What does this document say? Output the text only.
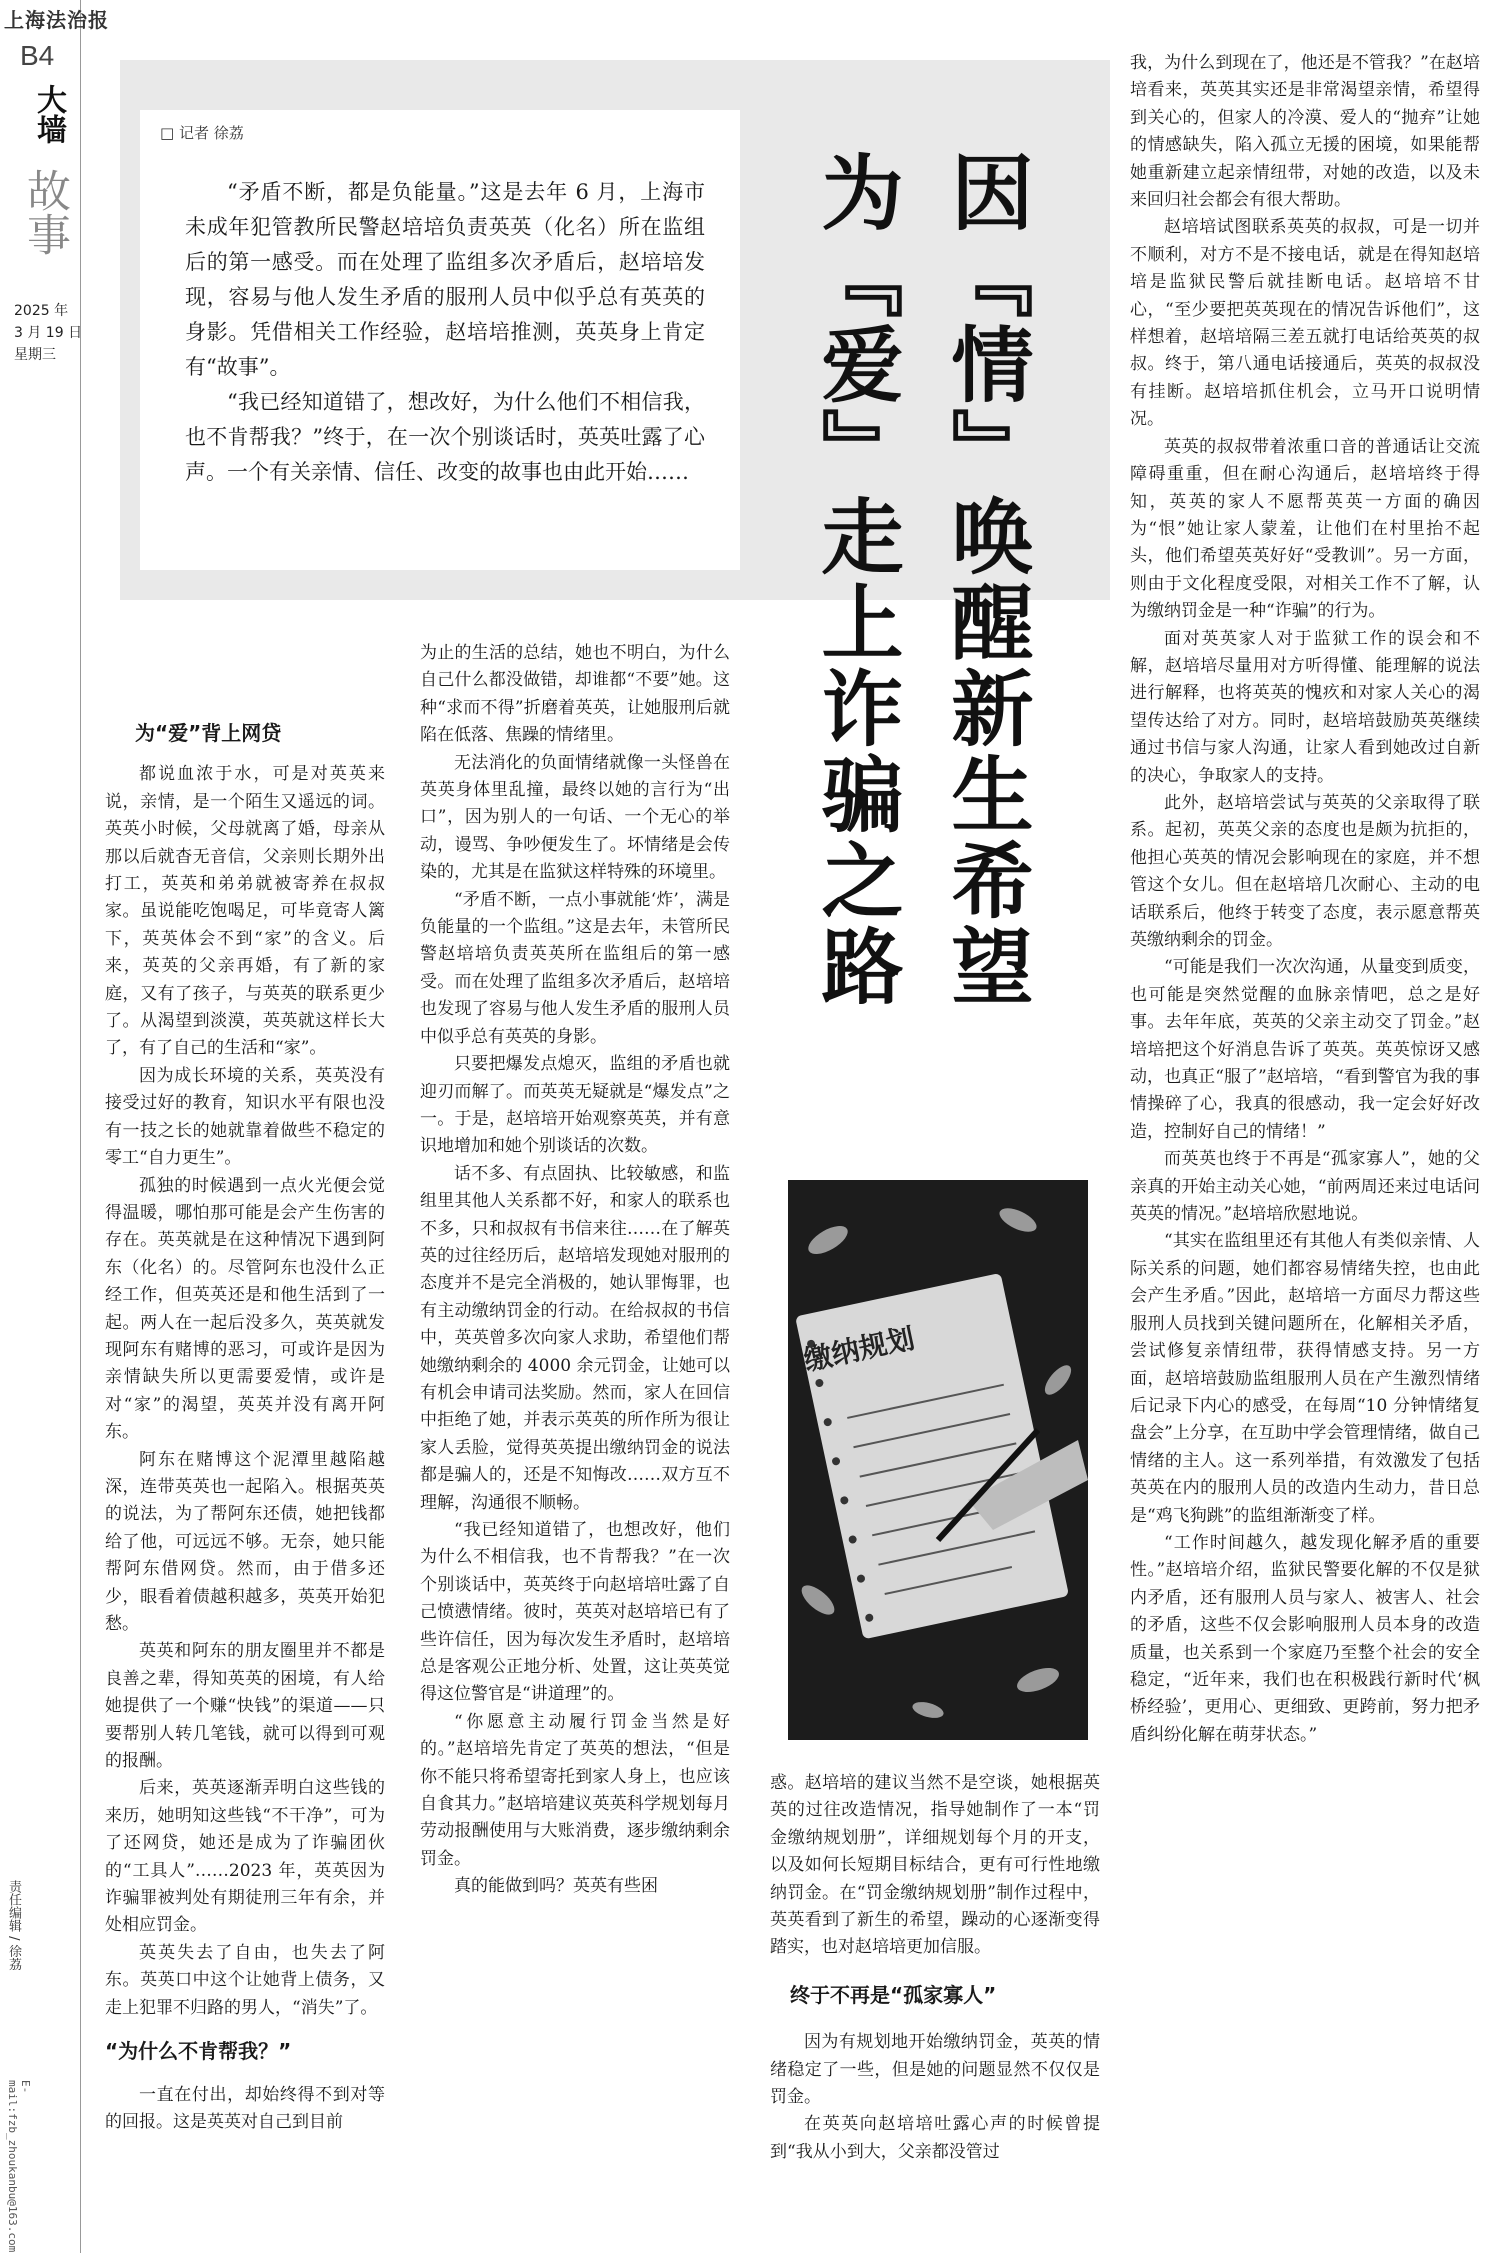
上海法治报
B4
大墙
故事
2025 年
3 月 19 日
星期三
责任编辑 / 徐荔
E-mail:fzb_zhoukanbu@163.com
□ 记者 徐荔

“矛盾不断，都是负能量。”这是去年 6 月，上海市未成年犯管教所民警赵培培负责英英（化名）所在监组后的第一感受。而在处理了监组多次矛盾后，赵培培发现，容易与他人发生矛盾的服刑人员中似乎总有英英的身影。凭借相关工作经验，赵培培推测，英英身上肯定有“故事”。

“我已经知道错了，想改好，为什么他们不相信我，也不肯帮我？”终于，在一次个别谈话时，英英吐露了心声。一个有关亲情、信任、改变的故事也由此开始……	因『情』唤醒新生希望
为『爱』走上诈骗之路

为“爱”背上网贷

都说血浓于水，可是对英英来说，亲情，是一个陌生又遥远的词。英英小时候，父母就离了婚，母亲从那以后就杳无音信，父亲则长期外出打工，英英和弟弟就被寄养在叔叔家。虽说能吃饱喝足，可毕竟寄人篱下，英英体会不到“家”的含义。后来，英英的父亲再婚，有了新的家庭，又有了孩子，与英英的联系更少了。从渴望到淡漠，英英就这样长大了，有了自己的生活和“家”。

因为成长环境的关系，英英没有接受过好的教育，知识水平有限也没有一技之长的她就靠着做些不稳定的零工“自力更生”。

孤独的时候遇到一点火光便会觉得温暖，哪怕那可能是会产生伤害的存在。英英就是在这种情况下遇到阿东（化名）的。尽管阿东也没什么正经工作，但英英还是和他生活到了一起。两人在一起后没多久，英英就发现阿东有赌博的恶习，可或许是因为亲情缺失所以更需要爱情，或许是对“家”的渴望，英英并没有离开阿东。

阿东在赌博这个泥潭里越陷越深，连带英英也一起陷入。根据英英的说法，为了帮阿东还债，她把钱都给了他，可远远不够。无奈，她只能帮阿东借网贷。然而，由于借多还少，眼看着债越积越多，英英开始犯愁。

英英和阿东的朋友圈里并不都是良善之辈，得知英英的困境，有人给她提供了一个赚“快钱”的渠道——只要帮别人转几笔钱，就可以得到可观的报酬。

后来，英英逐渐弄明白这些钱的来历，她明知这些钱“不干净”，可为了还网贷，她还是成为了诈骗团伙的“工具人”……2023 年，英英因为诈骗罪被判处有期徒刑三年有余，并处相应罚金。

英英失去了自由，也失去了阿东。英英口中这个让她背上债务，又走上犯罪不归路的男人，“消失”了。

“为什么不肯帮我？”

一直在付出，却始终得不到对等的回报。这是英英对自己到目前

为止的生活的总结，她也不明白，为什么自己什么都没做错，却谁都“不要”她。这种“求而不得”折磨着英英，让她服刑后就陷在低落、焦躁的情绪里。

无法消化的负面情绪就像一头怪兽在英英身体里乱撞，最终以她的言行为“出口”，因为别人的一句话、一个无心的举动，谩骂、争吵便发生了。坏情绪是会传染的，尤其是在监狱这样特殊的环境里。

“矛盾不断，一点小事就能‘炸’，满是负能量的一个监组。”这是去年，未管所民警赵培培负责英英所在监组后的第一感受。而在处理了监组多次矛盾后，赵培培也发现了容易与他人发生矛盾的服刑人员中似乎总有英英的身影。

只要把爆发点熄灭，监组的矛盾也就迎刃而解了。而英英无疑就是“爆发点”之一。于是，赵培培开始观察英英，并有意识地增加和她个别谈话的次数。

话不多、有点固执、比较敏感，和监组里其他人关系都不好，和家人的联系也不多，只和叔叔有书信来往……在了解英英的过往经历后，赵培培发现她对服刑的态度并不是完全消极的，她认罪悔罪，也有主动缴纳罚金的行动。在给叔叔的书信中，英英曾多次向家人求助，希望他们帮她缴纳剩余的 4000 余元罚金，让她可以有机会申请司法奖励。然而，家人在回信中拒绝了她，并表示英英的所作所为很让家人丢脸，觉得英英提出缴纳罚金的说法都是骗人的，还是不知悔改……双方互不理解，沟通很不顺畅。

“我已经知道错了，也想改好，他们为什么不相信我，也不肯帮我？”在一次个别谈话中，英英终于向赵培培吐露了自己愤懑情绪。彼时，英英对赵培培已有了些许信任，因为每次发生矛盾时，赵培培总是客观公正地分析、处置，这让英英觉得这位警官是“讲道理”的。

“你愿意主动履行罚金当然是好的。”赵培培先肯定了英英的想法，“但是你不能只将希望寄托到家人身上，也应该自食其力。”赵培培建议英英科学规划每月劳动报酬使用与大账消费，逐步缴纳剩余罚金。

真的能做到吗？英英有些困

缴纳规划

惑。赵培培的建议当然不是空谈，她根据英英的过往改造情况，指导她制作了一本“罚金缴纳规划册”，详细规划每个月的开支，以及如何长短期目标结合，更有可行性地缴纳罚金。在“罚金缴纳规划册”制作过程中，英英看到了新生的希望，躁动的心逐渐变得踏实，也对赵培培更加信服。

终于不再是“孤家寡人”

因为有规划地开始缴纳罚金，英英的情绪稳定了一些，但是她的问题显然不仅仅是罚金。

在英英向赵培培吐露心声的时候曾提到“我从小到大，父亲都没管过

我，为什么到现在了，他还是不管我？”在赵培培看来，英英其实还是非常渴望亲情，希望得到关心的，但家人的冷漠、爱人的“抛弃”让她的情感缺失，陷入孤立无援的困境，如果能帮她重新建立起亲情纽带，对她的改造，以及未来回归社会都会有很大帮助。

赵培培试图联系英英的叔叔，可是一切并不顺利，对方不是不接电话，就是在得知赵培培是监狱民警后就挂断电话。赵培培不甘心，“至少要把英英现在的情况告诉他们”，这样想着，赵培培隔三差五就打电话给英英的叔叔。终于，第八通电话接通后，英英的叔叔没有挂断。赵培培抓住机会，立马开口说明情况。

英英的叔叔带着浓重口音的普通话让交流障碍重重，但在耐心沟通后，赵培培终于得知，英英的家人不愿帮英英一方面的确因为“恨”她让家人蒙羞，让他们在村里抬不起头，他们希望英英好好“受教训”。另一方面，则由于文化程度受限，对相关工作不了解，认为缴纳罚金是一种“诈骗”的行为。

面对英英家人对于监狱工作的误会和不解，赵培培尽量用对方听得懂、能理解的说法进行解释，也将英英的愧疚和对家人关心的渴望传达给了对方。同时，赵培培鼓励英英继续通过书信与家人沟通，让家人看到她改过自新的决心，争取家人的支持。

此外，赵培培尝试与英英的父亲取得了联系。起初，英英父亲的态度也是颇为抗拒的，他担心英英的情况会影响现在的家庭，并不想管这个女儿。但在赵培培几次耐心、主动的电话联系后，他终于转变了态度，表示愿意帮英英缴纳剩余的罚金。

“可能是我们一次次沟通，从量变到质变，也可能是突然觉醒的血脉亲情吧，总之是好事。去年年底，英英的父亲主动交了罚金。”赵培培把这个好消息告诉了英英。英英惊讶又感动，也真正“服了”赵培培，“看到警官为我的事情操碎了心，我真的很感动，我一定会好好改造，控制好自己的情绪！”

而英英也终于不再是“孤家寡人”，她的父亲真的开始主动关心她，“前两周还来过电话问英英的情况。”赵培培欣慰地说。

“其实在监组里还有其他人有类似亲情、人际关系的问题，她们都容易情绪失控，也由此会产生矛盾。”因此，赵培培一方面尽力帮这些服刑人员找到关键问题所在，化解相关矛盾，尝试修复亲情纽带，获得情感支持。另一方面，赵培培鼓励监组服刑人员在产生激烈情绪后记录下内心的感受，在每周“10 分钟情绪复盘会”上分享，在互助中学会管理情绪，做自己情绪的主人。这一系列举措，有效激发了包括英英在内的服刑人员的改造内生动力，昔日总是“鸡飞狗跳”的监组渐渐变了样。

“工作时间越久，越发现化解矛盾的重要性。”赵培培介绍，监狱民警要化解的不仅是狱内矛盾，还有服刑人员与家人、被害人、社会的矛盾，这些不仅会影响服刑人员本身的改造质量，也关系到一个家庭乃至整个社会的安全稳定，“近年来，我们也在积极践行新时代‘枫桥经验’，更用心、更细致、更跨前，努力把矛盾纠纷化解在萌芽状态。”
